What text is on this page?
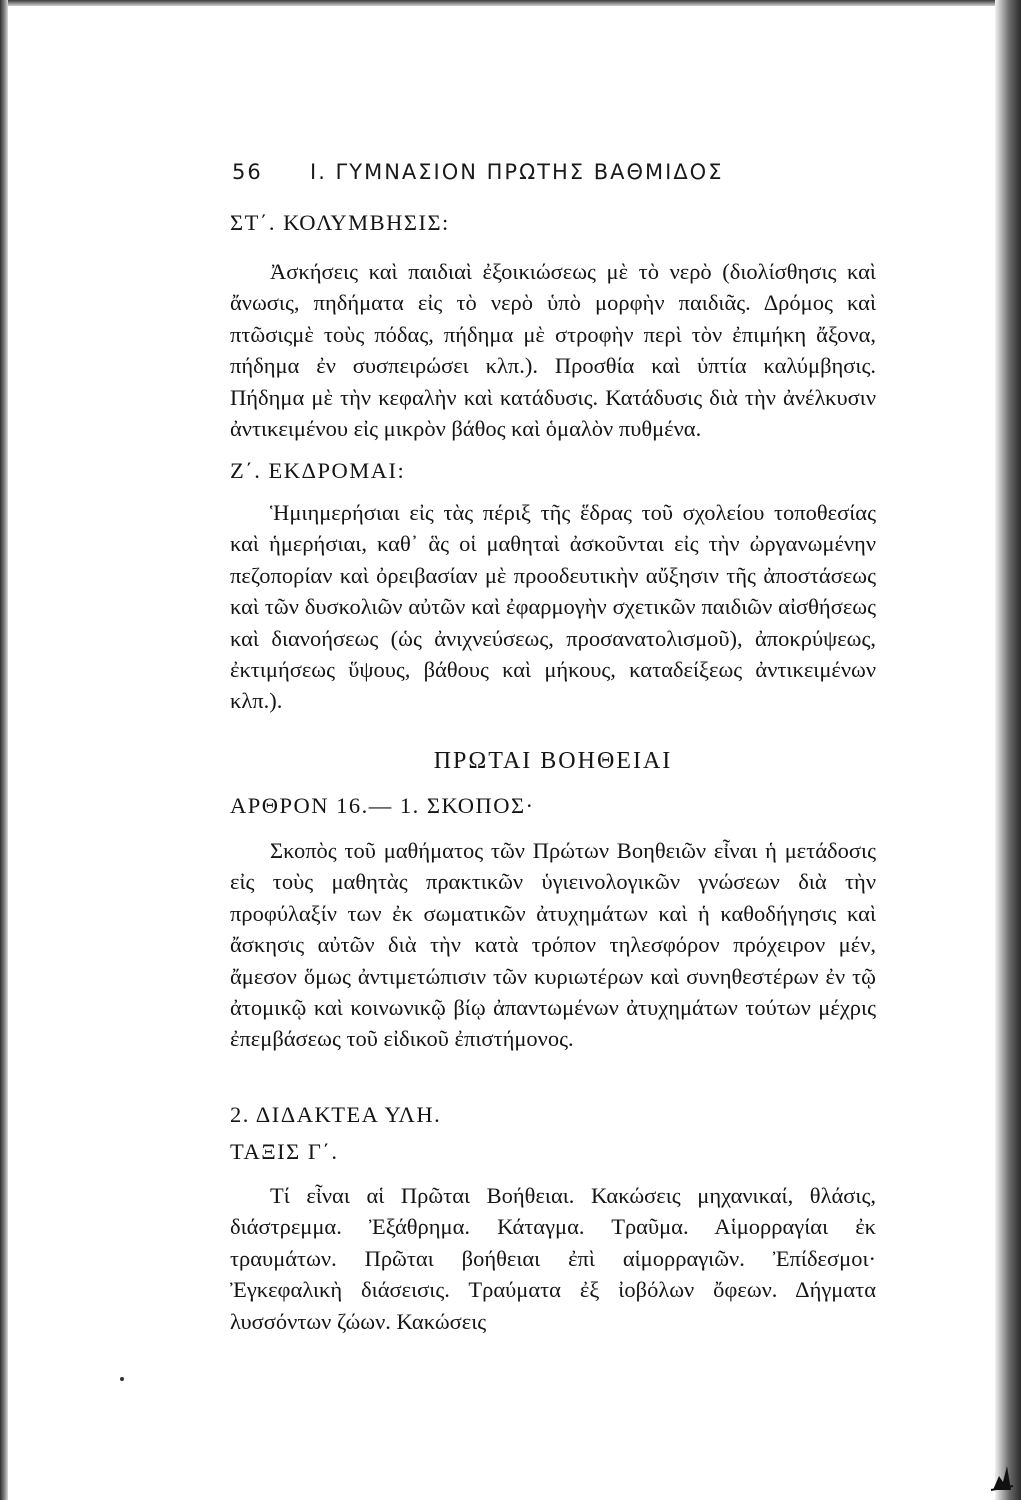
56 I. ΓΥΜΝΑΣΙΟΝ ΠΡΩΤΗΣ ΒΑΘΜΙΔΟΣ
ΣΤ΄. ΚΟΛΥΜΒΗΣΙΣ:
Ἀσκήσεις καὶ παιδιαὶ ἐξοικιώσεως μὲ τὸ νερὸ (διολίσθησις καὶ ἄνωσις, πηδήματα εἰς τὸ νερὸ ὑπὸ μορφὴν παιδιᾶς. Δρόμος καὶ πτῶσιςμὲ τοὺς πόδας, πήδημα μὲ στροφὴν περὶ τὸν ἐπιμήκη ἄξονα, πήδημα ἐν συσπειρώσει κλπ.). Προσθία καὶ ὑπτία καλύμβησις. Πήδημα μὲ τὴν κεφαλὴν καὶ κατάδυσις. Κατάδυσις διὰ τὴν ἀνέλκυσιν ἀντικειμένου εἰς μικρὸν βάθος καὶ ὁμαλὸν πυθμένα.
Ζ΄. ΕΚΔΡΟΜΑΙ:
Ἡμιημερήσιαι εἰς τὰς πέριξ τῆς ἕδρας τοῦ σχολείου τοποθεσίας καὶ ἡμερήσιαι, καθ᾽ ἃς οἱ μαθηταὶ ἀσκοῦνται εἰς τὴν ὠργανωμένην πεζοπορίαν καὶ ὀρειβασίαν μὲ προοδευτικὴν αὔξησιν τῆς ἀποστάσεως καὶ τῶν δυσκολιῶν αὐτῶν καὶ ἐφαρμογὴν σχετικῶν παιδιῶν αἰσθήσεως καὶ διανοήσεως (ὡς ἀνιχνεύσεως, προσανατολισμοῦ), ἀποκρύψεως, ἐκτιμήσεως ὕψους, βάθους καὶ μήκους, καταδείξεως ἀντικειμένων κλπ.).
ΠΡΩΤΑΙ ΒΟΗΘΕΙΑΙ
ΑΡΘΡΟΝ 16.— 1. ΣΚΟΠΟΣ·
Σκοπὸς τοῦ μαθήματος τῶν Πρώτων Βοηθειῶν εἶναι ἡ μετάδοσις εἰς τοὺς μαθητὰς πρακτικῶν ὑγιεινολογικῶν γνώσεων διὰ τὴν προφύλαξίν των ἐκ σωματικῶν ἀτυχημάτων καὶ ἡ καθοδήγησις καὶ ἄσκησις αὐτῶν διὰ τὴν κατὰ τρόπον τηλεσφόρον πρόχειρον μέν, ἄμεσον ὅμως ἀντιμετώπισιν τῶν κυριωτέρων καὶ συνηθεστέρων ἐν τῷ ἀτομικῷ καὶ κοινωνικῷ βίῳ ἀπαντωμένων ἀτυχημάτων τούτων μέχρις ἐπεμβάσεως τοῦ εἰδικοῦ ἐπιστήμονος.
2. ΔΙΔΑΚΤΕΑ ΥΛΗ.
ΤΑΞΙΣ Γ΄.
Τί εἶναι αἱ Πρῶται Βοήθειαι. Κακώσεις μηχανικαί, θλάσις, διάστρεμμα. Ἐξάθρημα. Κάταγμα. Τραῦμα. Αἱμορραγίαι ἐκ τραυμάτων. Πρῶται βοήθειαι ἐπὶ αἱμορραγιῶν. Ἐπίδεσμοι· Ἐγκεφαλικὴ διάσεισις. Τραύματα ἐξ ἰοβόλων ὄφεων. Δήγματα λυσσόντων ζώων. Κακώσεις
